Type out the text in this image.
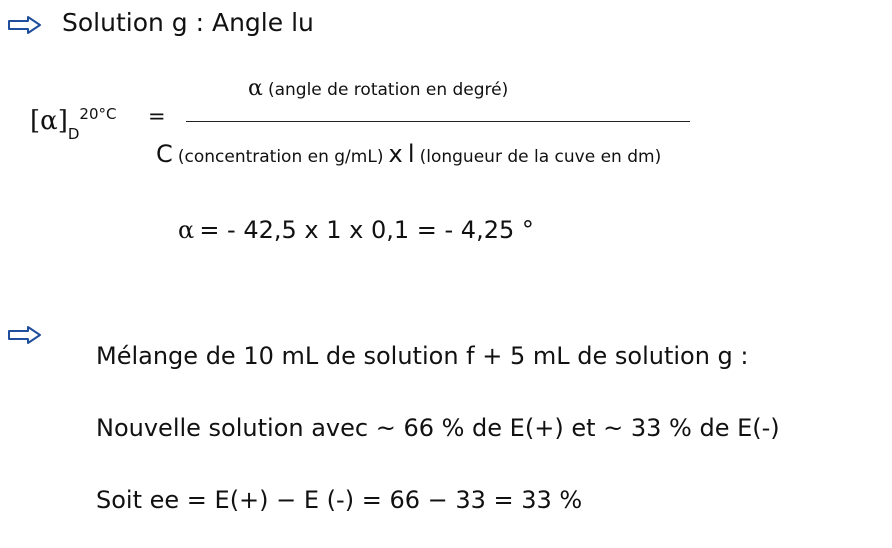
Solution g : Angle lu
$[\alpha]_D^{20^\circ C}$ =
α (angle de rotation en degré)
C (concentration en g/mL) x l (longueur de la cuve en dm)
α = - 42,5 x 1 x 0,1 = - 4,25 °
Mélange de 10 mL de solution f + 5 mL de solution g :
Nouvelle solution avec ~ 66 % de E(+) et ~ 33 % de E(-)
Soit ee = E(+) − E (-) = 66 − 33 = 33 %
